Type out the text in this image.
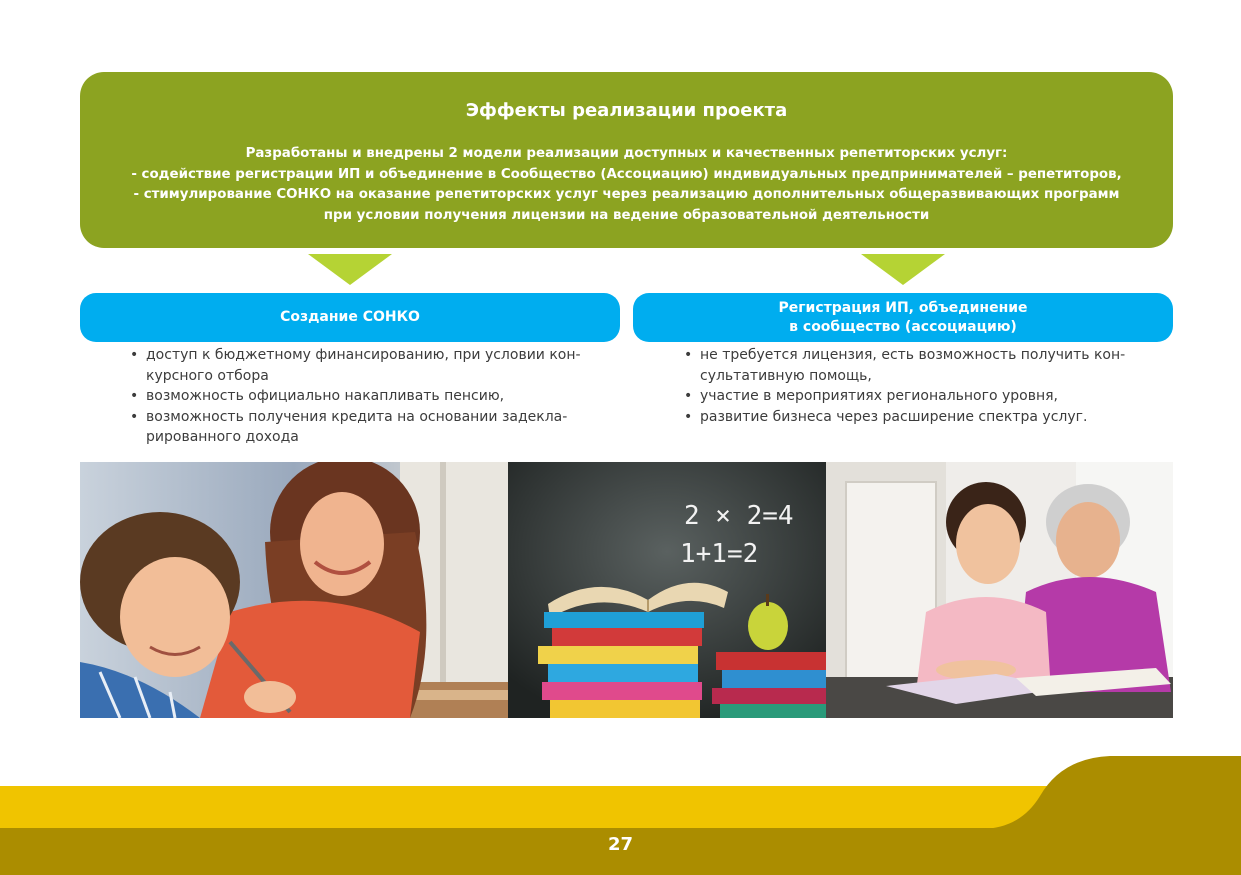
Эффекты реализации проекта
Разработаны и внедрены 2 модели реализации доступных и качественных репетиторских услуг:
- содействие регистрации ИП и объединение в Сообщество (Ассоциацию) индивидуальных предпринимателей – репетиторов,
- стимулирование СОНКО на оказание репетиторских услуг через реализацию дополнительных общеразвивающих программ
при условии получения лицензии на ведение образовательной деятельности
Создание СОНКО
Регистрация ИП, объединение
в сообщество (ассоциацию)
• доступ к бюджетному финансированию, при условии кон-
курсного отбора
• возможность официально накапливать пенсию,
• возможность получения кредита на основании задекла-
рированного дохода
• не требуется лицензия, есть возможность получить кон-
сультативную помощь,
• участие в мероприятиях регионального уровня,
• развитие бизнеса через расширение спектра услуг.
2 × 2=4
1+1=2
27
